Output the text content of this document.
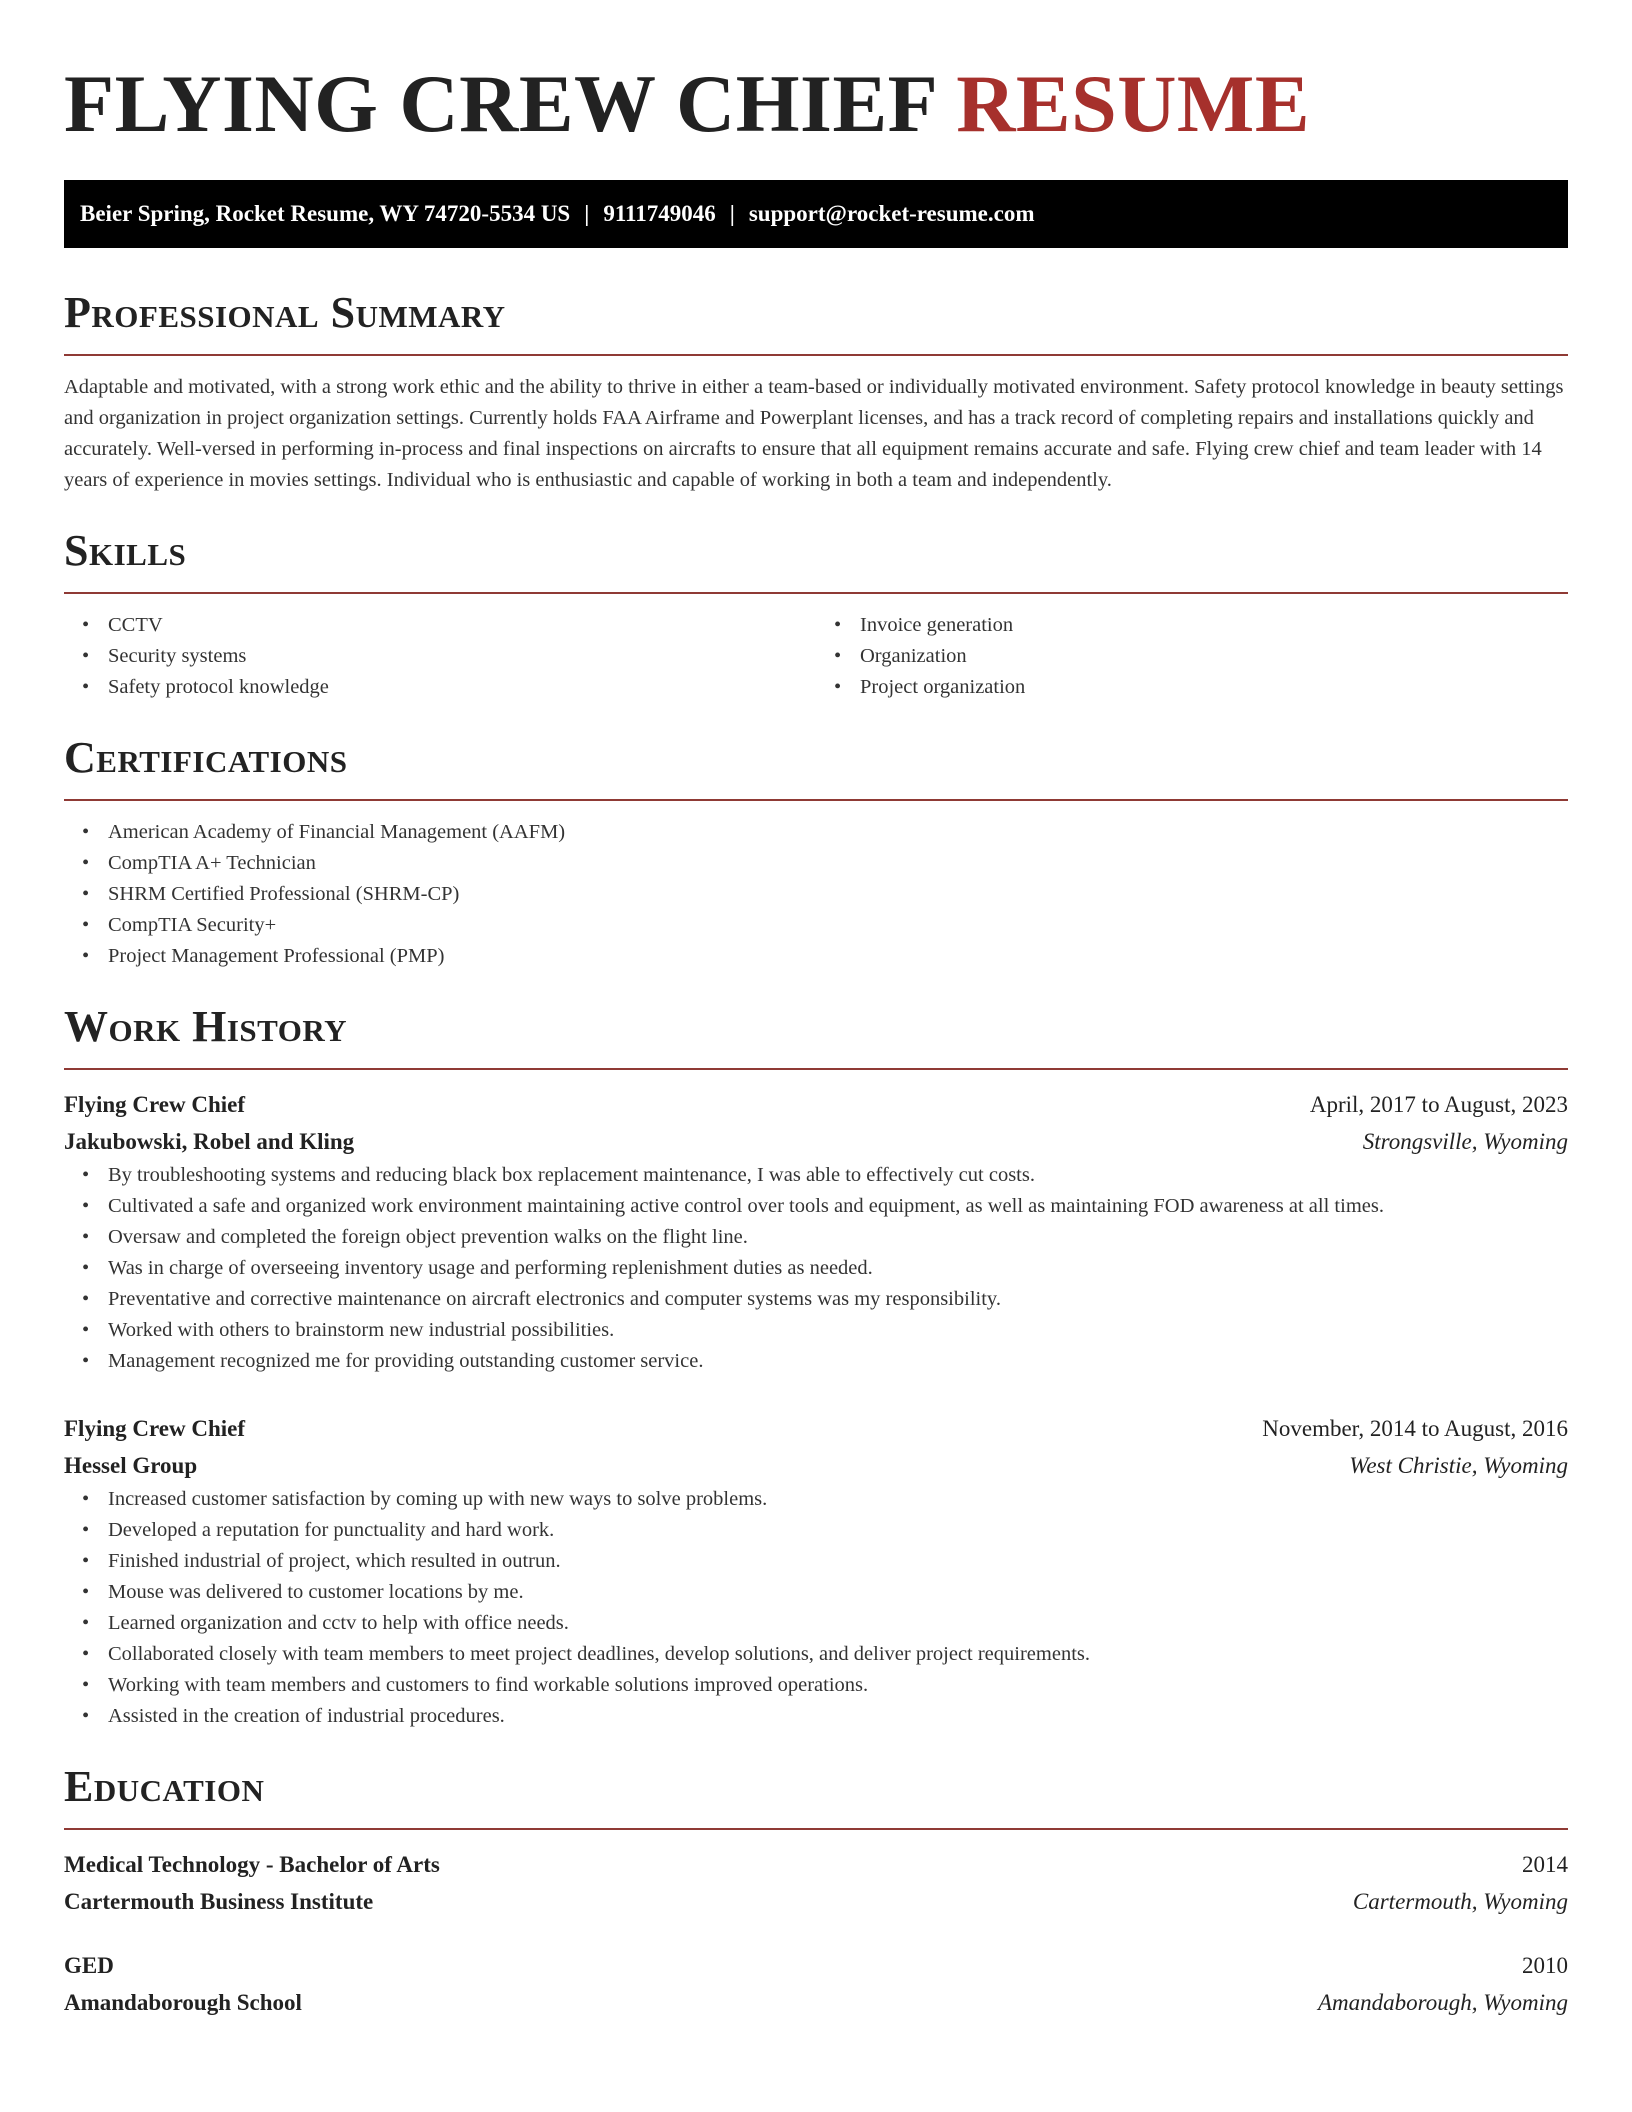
FLYING CREW CHIEF RESUME
Beier Spring, Rocket Resume, WY 74720-5534 US | 9111749046 | support@rocket-resume.com
Professional Summary

Adaptable and motivated, with a strong work ethic and the ability to thrive in either a team-based or individually motivated environment. Safety protocol knowledge in beauty settings and organization in project organization settings. Currently holds FAA Airframe and Powerplant licenses, and has a track record of completing repairs and installations quickly and accurately. Well-versed in performing in-process and final inspections on aircrafts to ensure that all equipment remains accurate and safe. Flying crew chief and team leader with 14 years of experience in movies settings. Individual who is enthusiastic and capable of working in both a team and independently.

Skills
• CCTV
• Security systems
• Safety protocol knowledge
• Invoice generation
• Organization
• Project organization
Certifications
• American Academy of Financial Management (AAFM)
• CompTIA A+ Technician
• SHRM Certified Professional (SHRM-CP)
• CompTIA Security+
• Project Management Professional (PMP)
Work History
Flying Crew Chief	April, 2017 to August, 2023
Jakubowski, Robel and Kling	Strongsville, Wyoming
• By troubleshooting systems and reducing black box replacement maintenance, I was able to effectively cut costs.
• Cultivated a safe and organized work environment maintaining active control over tools and equipment, as well as maintaining FOD awareness at all times.
• Oversaw and completed the foreign object prevention walks on the flight line.
• Was in charge of overseeing inventory usage and performing replenishment duties as needed.
• Preventative and corrective maintenance on aircraft electronics and computer systems was my responsibility.
• Worked with others to brainstorm new industrial possibilities.
• Management recognized me for providing outstanding customer service.
Flying Crew Chief	November, 2014 to August, 2016
Hessel Group	West Christie, Wyoming
• Increased customer satisfaction by coming up with new ways to solve problems.
• Developed a reputation for punctuality and hard work.
• Finished industrial of project, which resulted in outrun.
• Mouse was delivered to customer locations by me.
• Learned organization and cctv to help with office needs.
• Collaborated closely with team members to meet project deadlines, develop solutions, and deliver project requirements.
• Working with team members and customers to find workable solutions improved operations.
• Assisted in the creation of industrial procedures.
Education
Medical Technology - Bachelor of Arts	2014
Cartermouth Business Institute	Cartermouth, Wyoming
GED	2010
Amandaborough School	Amandaborough, Wyoming
